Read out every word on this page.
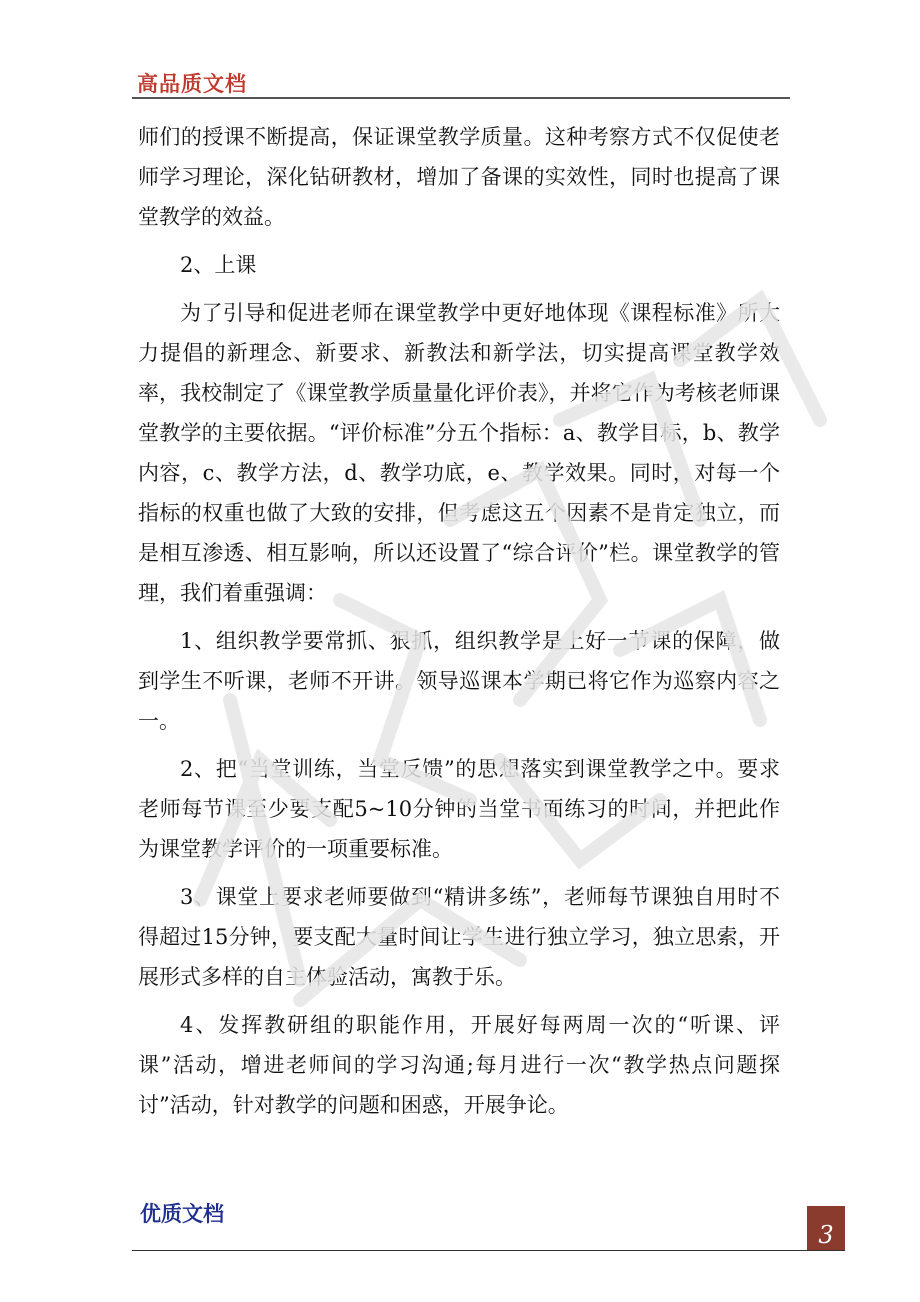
高品质文档

师们的授课不断提高，保证课堂教学质量。这种考察方式不仅促使老师学习理论，深化钻研教材，增加了备课的实效性，同时也提高了课堂教学的效益。

2、上课

为了引导和促进老师在课堂教学中更好地体现《课程标准》所大力提倡的新理念、新要求、新教法和新学法，切实提高课堂教学效率，我校制定了《课堂教学质量量化评价表》，并将它作为考核老师课堂教学的主要依据。“评价标准”分五个指标：a、教学目标，b、教学内容，c、教学方法，d、教学功底，e、教学效果。同时，对每一个指标的权重也做了大致的安排，但考虑这五个因素不是肯定独立，而是相互渗透、相互影响，所以还设置了“综合评价”栏。课堂教学的管理，我们着重强调：

1、组织教学要常抓、狠抓，组织教学是上好一节课的保障，做到学生不听课，老师不开讲。领导巡课本学期已将它作为巡察内容之一。

2、把“当堂训练，当堂反馈”的思想落实到课堂教学之中。要求老师每节课至少要支配5~10分钟的当堂书面练习的时间，并把此作为课堂教学评价的一项重要标准。

3、课堂上要求老师要做到“精讲多练”，老师每节课独自用时不得超过15分钟，要支配大量时间让学生进行独立学习，独立思索，开展形式多样的自主体验活动，寓教于乐。

4、发挥教研组的职能作用，开展好每两周一次的“听课、评课”活动，增进老师间的学习沟通;每月进行一次“教学热点问题探讨”活动，针对教学的问题和困惑，开展争论。

优质文档
3
